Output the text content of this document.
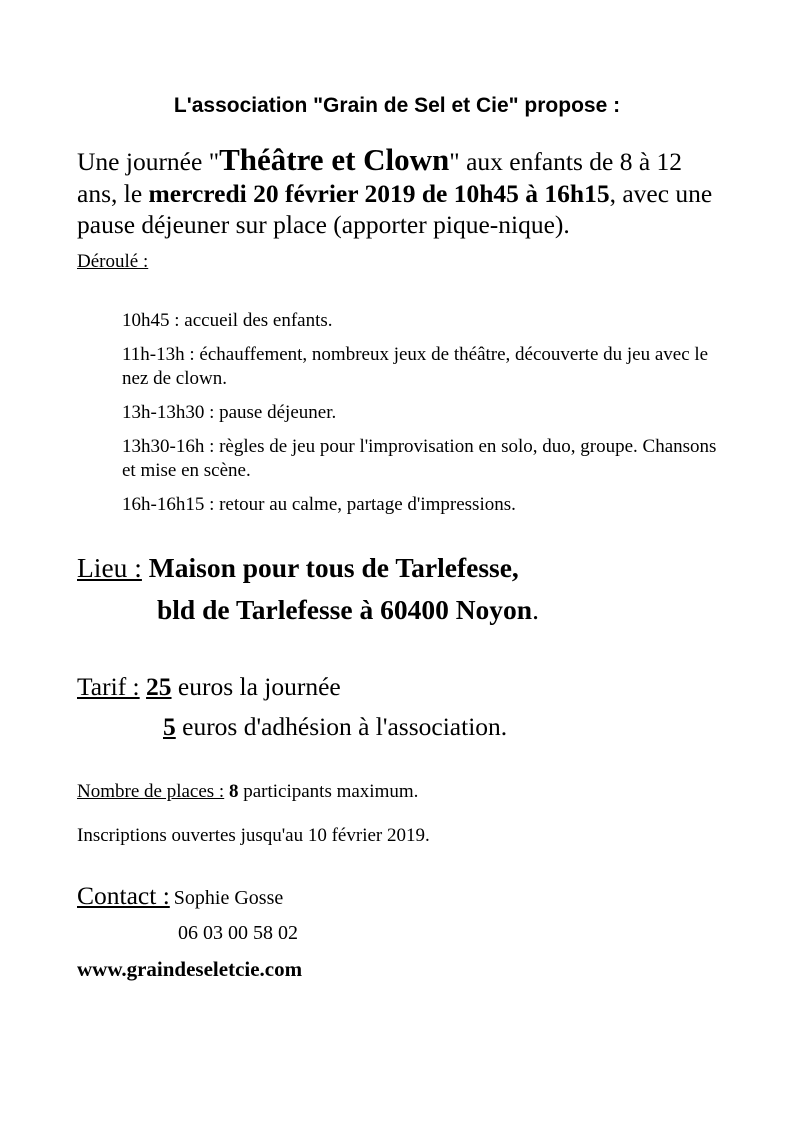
L'association "Grain de Sel et Cie" propose :
Une journée "Théâtre et Clown" aux enfants de 8 à 12 ans, le mercredi 20 février 2019 de 10h45 à 16h15, avec une pause déjeuner sur place (apporter pique-nique).
Déroulé :
10h45 : accueil des enfants.
11h-13h : échauffement, nombreux jeux de théâtre, découverte du jeu avec le nez de clown.
13h-13h30 : pause déjeuner.
13h30-16h : règles de jeu pour l'improvisation en solo, duo, groupe. Chansons et mise en scène.
16h-16h15 : retour au calme, partage d'impressions.
Lieu : Maison pour tous de Tarlefesse,
bld de Tarlefesse à 60400 Noyon.
Tarif : 25 euros la journée
5 euros d'adhésion à l'association.
Nombre de places : 8 participants maximum.
Inscriptions ouvertes jusqu'au 10 février 2019.
Contact : Sophie Gosse
06 03 00 58 02
www.graindeseletcie.com
